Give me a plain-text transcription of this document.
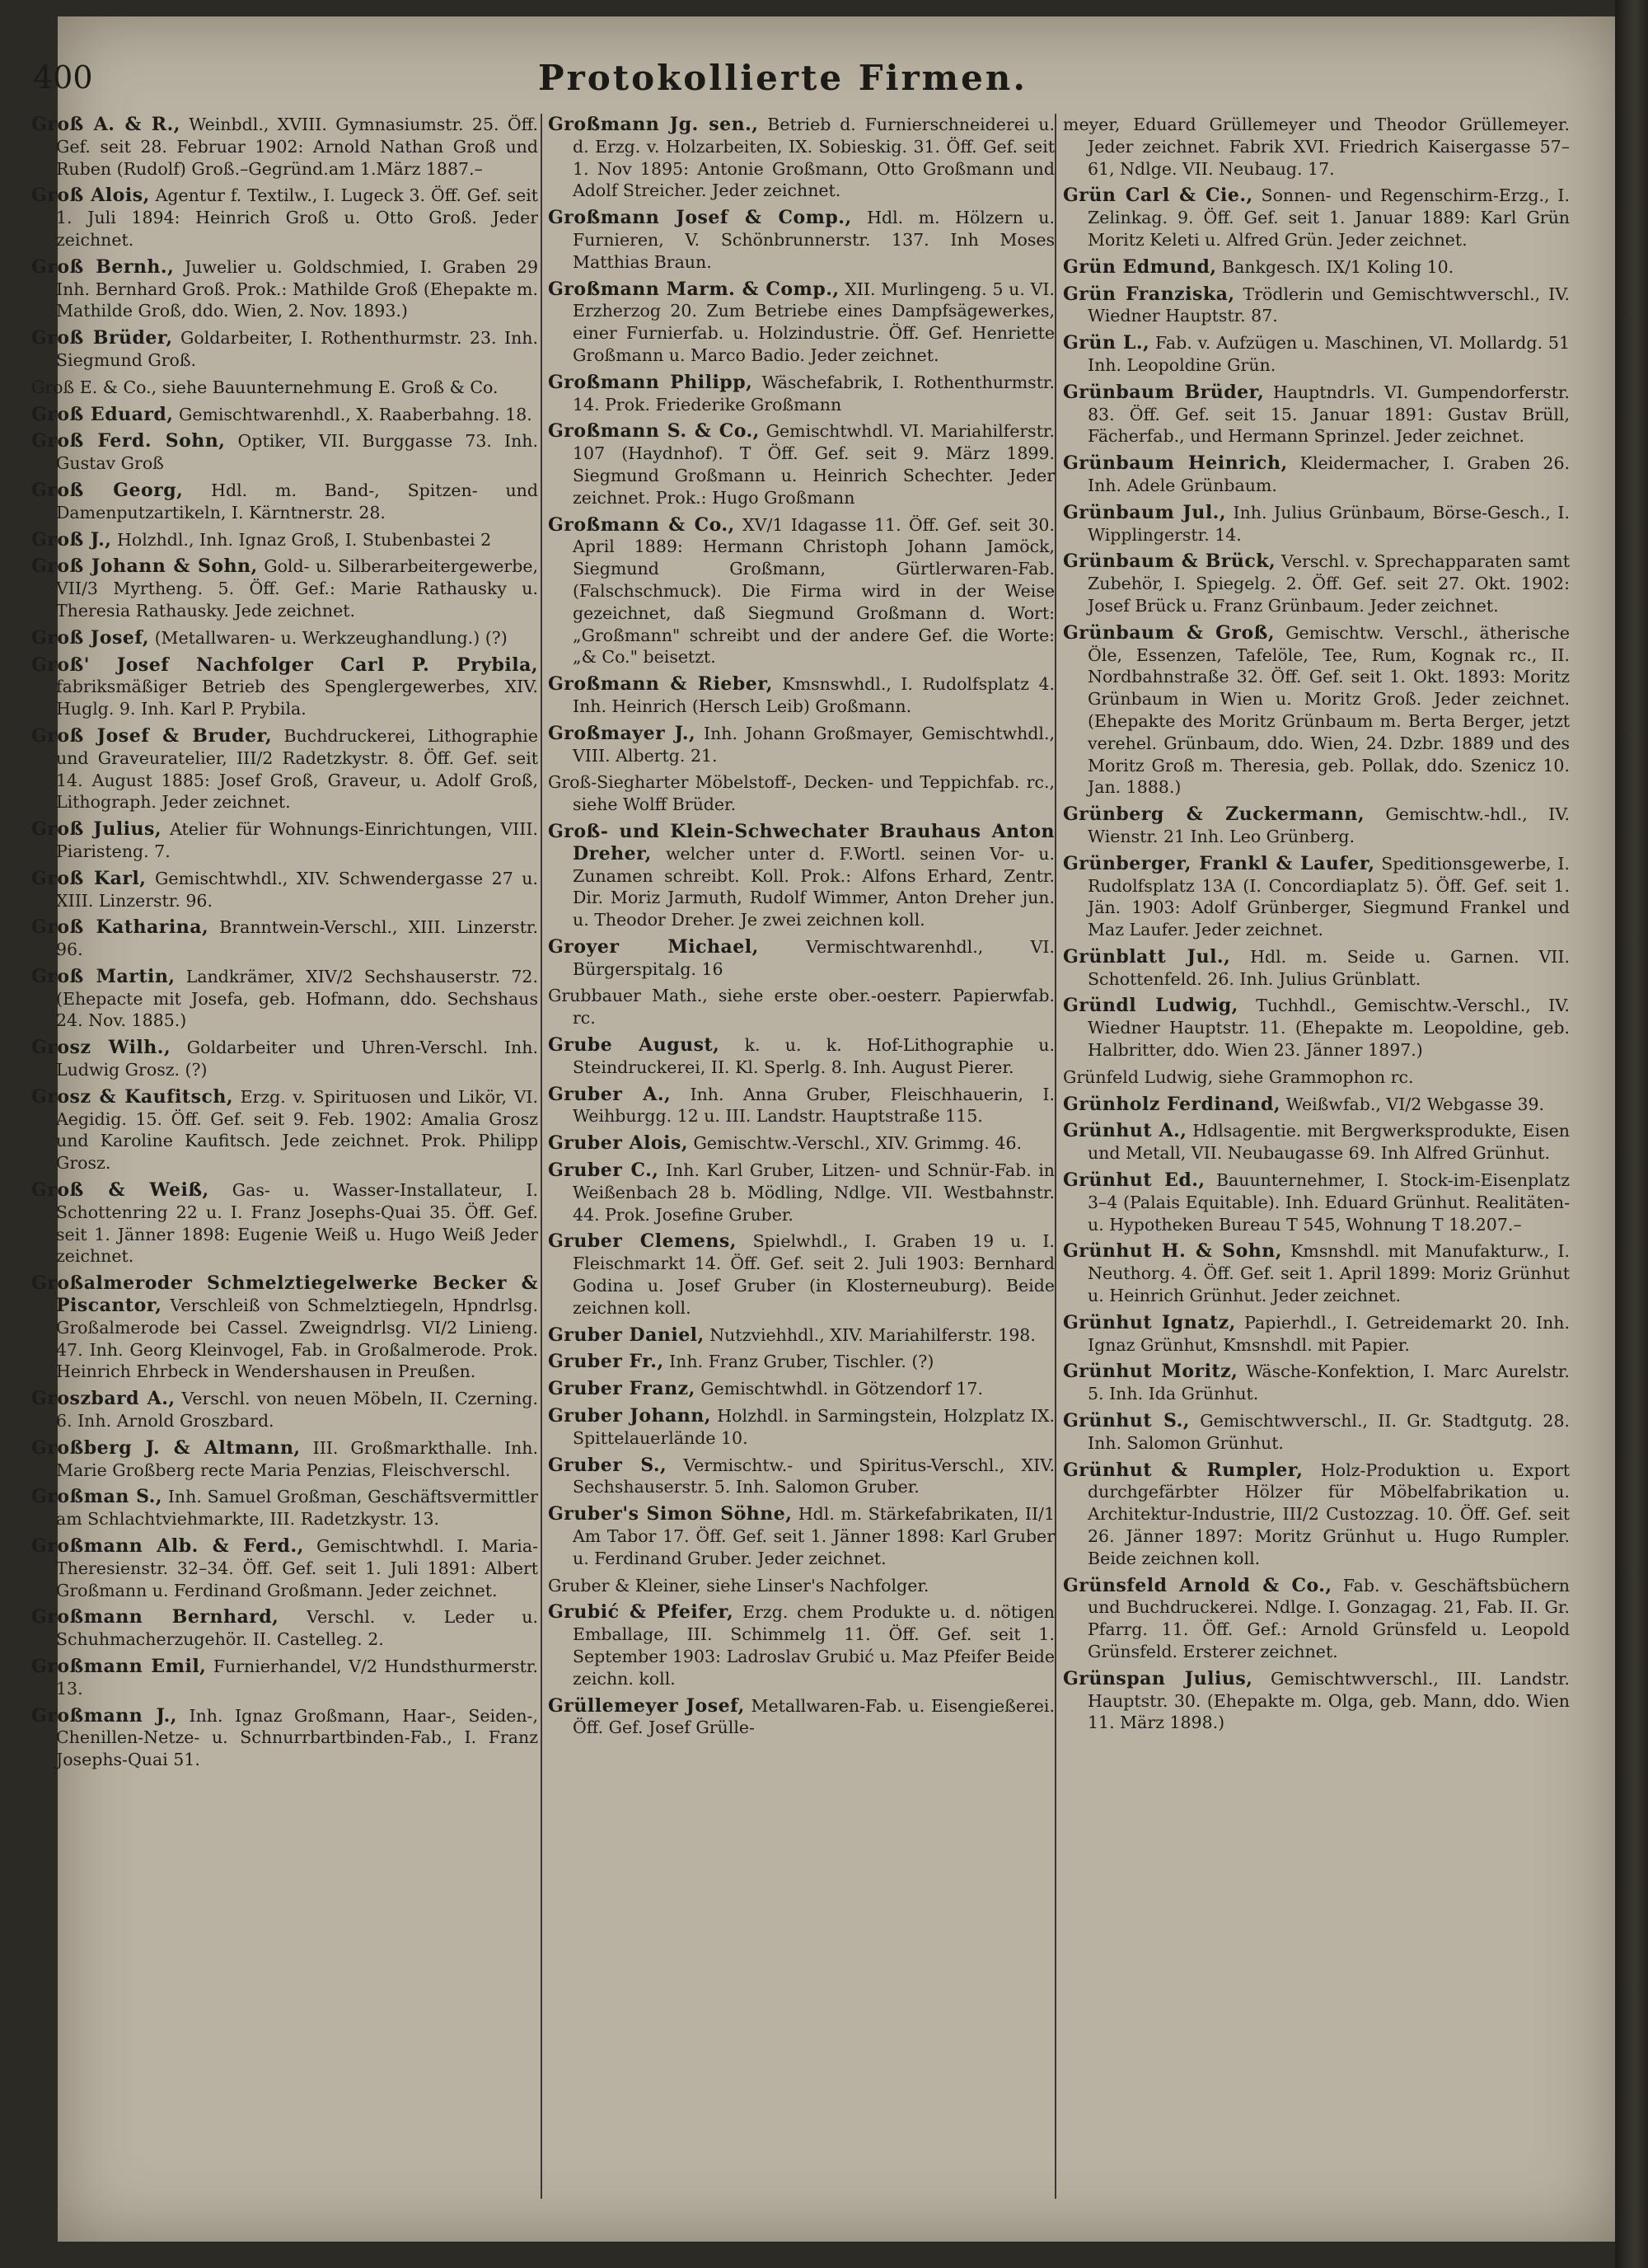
400	Protokollierte Firmen.

Groß A. & R., Weinbdl., XVIII. Gymnasiumstr. 25. Öff. Gef. seit 28. Februar 1902: Arnold Nathan Groß und Ruben (Rudolf) Groß.–Gegründ.am 1.März 1887.–

Groß Alois, Agentur f. Textilw., I. Lugeck 3. Öff. Gef. seit 1. Juli 1894: Heinrich Groß u. Otto Groß. Jeder zeichnet.

Groß Bernh., Juwelier u. Goldschmied, I. Graben 29 Inh. Bernhard Groß. Prok.: Mathilde Groß (Ehepakte m. Mathilde Groß, ddo. Wien, 2. Nov. 1893.)

Groß Brüder, Goldarbeiter, I. Rothenthurmstr. 23. Inh. Siegmund Groß.

Groß E. & Co., siehe Bauunternehmung E. Groß & Co.

Groß Eduard, Gemischtwarenhdl., X. Raaberbahng. 18.

Groß Ferd. Sohn, Optiker, VII. Burggasse 73. Inh. Gustav Groß

Groß Georg, Hdl. m. Band-, Spitzen- und Damenputzartikeln, I. Kärntnerstr. 28.

Groß J., Holzhdl., Inh. Ignaz Groß, I. Stubenbastei 2

Groß Johann & Sohn, Gold- u. Silberarbeitergewerbe, VII/3 Myrtheng. 5. Öff. Gef.: Marie Rathausky u. Theresia Rathausky. Jede zeichnet.

Groß Josef, (Metallwaren- u. Werkzeughandlung.) (?)

Groß' Josef Nachfolger Carl P. Prybila, fabriksmäßiger Betrieb des Spenglergewerbes, XIV. Huglg. 9. Inh. Karl P. Prybila.

Groß Josef & Bruder, Buchdruckerei, Lithographie und Graveuratelier, III/2 Radetzkystr. 8. Öff. Gef. seit 14. August 1885: Josef Groß, Graveur, u. Adolf Groß, Lithograph. Jeder zeichnet.

Groß Julius, Atelier für Wohnungs-Einrichtungen, VIII. Piaristeng. 7.

Groß Karl, Gemischtwhdl., XIV. Schwendergasse 27 u. XIII. Linzerstr. 96.

Groß Katharina, Branntwein-Verschl., XIII. Linzerstr. 96.

Groß Martin, Landkrämer, XIV/2 Sechshauserstr. 72. (Ehepacte mit Josefa, geb. Hofmann, ddo. Sechshaus 24. Nov. 1885.)

Grosz Wilh., Goldarbeiter und Uhren-Verschl. Inh. Ludwig Grosz. (?)

Grosz & Kaufitsch, Erzg. v. Spirituosen und Likör, VI. Aegidig. 15. Öff. Gef. seit 9. Feb. 1902: Amalia Grosz und Karoline Kaufitsch. Jede zeichnet. Prok. Philipp Grosz.

Groß & Weiß, Gas- u. Wasser-Installateur, I. Schottenring 22 u. I. Franz Josephs-Quai 35. Öff. Gef. seit 1. Jänner 1898: Eugenie Weiß u. Hugo Weiß Jeder zeichnet.

Großalmeroder Schmelztiegelwerke Becker & Piscantor, Verschleiß von Schmelztiegeln, Hpndrlsg. Großalmerode bei Cassel. Zweigndrlsg. VI/2 Linieng. 47. Inh. Georg Kleinvogel, Fab. in Großalmerode. Prok. Heinrich Ehrbeck in Wendershausen in Preußen.

Groszbard A., Verschl. von neuen Möbeln, II. Czerning. 6. Inh. Arnold Groszbard.

Großberg J. & Altmann, III. Großmarkthalle. Inh. Marie Großberg recte Maria Penzias, Fleischverschl.

Großman S., Inh. Samuel Großman, Geschäftsvermittler am Schlachtviehmarkte, III. Radetzkystr. 13.

Großmann Alb. & Ferd., Gemischtwhdl. I. Maria-Theresienstr. 32–34. Öff. Gef. seit 1. Juli 1891: Albert Großmann u. Ferdinand Großmann. Jeder zeichnet.

Großmann Bernhard, Verschl. v. Leder u. Schuhmacherzugehör. II. Castelleg. 2.

Großmann Emil, Furnierhandel, V/2 Hundsthurmerstr. 13.

Großmann J., Inh. Ignaz Großmann, Haar-, Seiden-, Chenillen-Netze- u. Schnurrbartbinden-Fab., I. Franz Josephs-Quai 51.

Großmann Jg. sen., Betrieb d. Furnierschneiderei u. d. Erzg. v. Holzarbeiten, IX. Sobieskig. 31. Öff. Gef. seit 1. Nov 1895: Antonie Großmann, Otto Großmann und Adolf Streicher. Jeder zeichnet.

Großmann Josef & Comp., Hdl. m. Hölzern u. Furnieren, V. Schönbrunnerstr. 137. Inh Moses Matthias Braun.

Großmann Marm. & Comp., XII. Murlingeng. 5 u. VI. Erzherzog 20. Zum Betriebe eines Dampfsägewerkes, einer Furnierfab. u. Holzindustrie. Öff. Gef. Henriette Großmann u. Marco Badio. Jeder zeichnet.

Großmann Philipp, Wäschefabrik, I. Rothenthurmstr. 14. Prok. Friederike Großmann

Großmann S. & Co., Gemischtwhdl. VI. Mariahilferstr. 107 (Haydnhof). T Öff. Gef. seit 9. März 1899. Siegmund Großmann u. Heinrich Schechter. Jeder zeichnet. Prok.: Hugo Großmann

Großmann & Co., XV/1 Idagasse 11. Öff. Gef. seit 30. April 1889: Hermann Christoph Johann Jamöck, Siegmund Großmann, Gürtlerwaren-Fab. (Falschschmuck). Die Firma wird in der Weise gezeichnet, daß Siegmund Großmann d. Wort: „Großmann" schreibt und der andere Gef. die Worte: „& Co." beisetzt.

Großmann & Rieber, Kmsnswhdl., I. Rudolfsplatz 4. Inh. Heinrich (Hersch Leib) Großmann.

Großmayer J., Inh. Johann Großmayer, Gemischtwhdl., VIII. Albertg. 21.

Groß-Siegharter Möbelstoff-, Decken- und Teppichfab. rc., siehe Wolff Brüder.

Groß- und Klein-Schwechater Brauhaus Anton Dreher, welcher unter d. F.Wortl. seinen Vor- u. Zunamen schreibt. Koll. Prok.: Alfons Erhard, Zentr. Dir. Moriz Jarmuth, Rudolf Wimmer, Anton Dreher jun. u. Theodor Dreher. Je zwei zeichnen koll.

Groyer Michael, Vermischtwarenhdl., VI. Bürgerspitalg. 16

Grubbauer Math., siehe erste ober.-oesterr. Papierwfab. rc.

Grube August, k. u. k. Hof-Lithographie u. Steindruckerei, II. Kl. Sperlg. 8. Inh. August Pierer.

Gruber A., Inh. Anna Gruber, Fleischhauerin, I. Weihburgg. 12 u. III. Landstr. Hauptstraße 115.

Gruber Alois, Gemischtw.-Verschl., XIV. Grimmg. 46.

Gruber C., Inh. Karl Gruber, Litzen- und Schnür-Fab. in Weißenbach 28 b. Mödling, Ndlge. VII. Westbahnstr. 44. Prok. Josefine Gruber.

Gruber Clemens, Spielwhdl., I. Graben 19 u. I. Fleischmarkt 14. Öff. Gef. seit 2. Juli 1903: Bernhard Godina u. Josef Gruber (in Klosterneuburg). Beide zeichnen koll.

Gruber Daniel, Nutzviehhdl., XIV. Mariahilferstr. 198.

Gruber Fr., Inh. Franz Gruber, Tischler. (?)

Gruber Franz, Gemischtwhdl. in Götzendorf 17.

Gruber Johann, Holzhdl. in Sarmingstein, Holzplatz IX. Spittelauerlände 10.

Gruber S., Vermischtw.- und Spiritus-Verschl., XIV. Sechshauserstr. 5. Inh. Salomon Gruber.

Gruber's Simon Söhne, Hdl. m. Stärkefabrikaten, II/1 Am Tabor 17. Öff. Gef. seit 1. Jänner 1898: Karl Gruber u. Ferdinand Gruber. Jeder zeichnet.

Gruber & Kleiner, siehe Linser's Nachfolger.

Grubić & Pfeifer, Erzg. chem Produkte u. d. nötigen Emballage, III. Schimmelg 11. Öff. Gef. seit 1. September 1903: Ladroslav Grubić u. Maz Pfeifer Beide zeichn. koll.

Grüllemeyer Josef, Metallwaren-Fab. u. Eisengießerei. Öff. Gef. Josef Grülle-

meyer, Eduard Grüllemeyer und Theodor Grüllemeyer. Jeder zeichnet. Fabrik XVI. Friedrich Kaisergasse 57–61, Ndlge. VII. Neubaug. 17.

Grün Carl & Cie., Sonnen- und Regenschirm-Erzg., I. Zelinkag. 9. Öff. Gef. seit 1. Januar 1889: Karl Grün Moritz Keleti u. Alfred Grün. Jeder zeichnet.

Grün Edmund, Bankgesch. IX/1 Koling 10.

Grün Franziska, Trödlerin und Gemischtwverschl., IV. Wiedner Hauptstr. 87.

Grün L., Fab. v. Aufzügen u. Maschinen, VI. Mollardg. 51 Inh. Leopoldine Grün.

Grünbaum Brüder, Hauptndrls. VI. Gumpendorferstr. 83. Öff. Gef. seit 15. Januar 1891: Gustav Brüll, Fächerfab., und Hermann Sprinzel. Jeder zeichnet.

Grünbaum Heinrich, Kleidermacher, I. Graben 26. Inh. Adele Grünbaum.

Grünbaum Jul., Inh. Julius Grünbaum, Börse-Gesch., I. Wipplingerstr. 14.

Grünbaum & Brück, Verschl. v. Sprechapparaten samt Zubehör, I. Spiegelg. 2. Öff. Gef. seit 27. Okt. 1902: Josef Brück u. Franz Grünbaum. Jeder zeichnet.

Grünbaum & Groß, Gemischtw. Verschl., ätherische Öle, Essenzen, Tafelöle, Tee, Rum, Kognak rc., II. Nordbahnstraße 32. Öff. Gef. seit 1. Okt. 1893: Moritz Grünbaum in Wien u. Moritz Groß. Jeder zeichnet. (Ehepakte des Moritz Grünbaum m. Berta Berger, jetzt verehel. Grünbaum, ddo. Wien, 24. Dzbr. 1889 und des Moritz Groß m. Theresia, geb. Pollak, ddo. Szenicz 10. Jan. 1888.)

Grünberg & Zuckermann, Gemischtw.-hdl., IV. Wienstr. 21 Inh. Leo Grünberg.

Grünberger, Frankl & Laufer, Speditionsgewerbe, I. Rudolfsplatz 13A (I. Concordiaplatz 5). Öff. Gef. seit 1. Jän. 1903: Adolf Grünberger, Siegmund Frankel und Maz Laufer. Jeder zeichnet.

Grünblatt Jul., Hdl. m. Seide u. Garnen. VII. Schottenfeld. 26. Inh. Julius Grünblatt.

Gründl Ludwig, Tuchhdl., Gemischtw.-Verschl., IV. Wiedner Hauptstr. 11. (Ehepakte m. Leopoldine, geb. Halbritter, ddo. Wien 23. Jänner 1897.)

Grünfeld Ludwig, siehe Grammophon rc.

Grünholz Ferdinand, Weißwfab., VI/2 Webgasse 39.

Grünhut A., Hdlsagentie. mit Bergwerksprodukte, Eisen und Metall, VII. Neubaugasse 69. Inh Alfred Grünhut.

Grünhut Ed., Bauunternehmer, I. Stock-im-Eisenplatz 3–4 (Palais Equitable). Inh. Eduard Grünhut. Realitäten- u. Hypotheken Bureau T 545, Wohnung T 18.207.–

Grünhut H. & Sohn, Kmsnshdl. mit Manufakturw., I. Neuthorg. 4. Öff. Gef. seit 1. April 1899: Moriz Grünhut u. Heinrich Grünhut. Jeder zeichnet.

Grünhut Ignatz, Papierhdl., I. Getreidemarkt 20. Inh. Ignaz Grünhut, Kmsnshdl. mit Papier.

Grünhut Moritz, Wäsche-Konfektion, I. Marc Aurelstr. 5. Inh. Ida Grünhut.

Grünhut S., Gemischtwverschl., II. Gr. Stadtgutg. 28. Inh. Salomon Grünhut.

Grünhut & Rumpler, Holz-Produktion u. Export durchgefärbter Hölzer für Möbelfabrikation u. Architektur-Industrie, III/2 Custozzag. 10. Öff. Gef. seit 26. Jänner 1897: Moritz Grünhut u. Hugo Rumpler. Beide zeichnen koll.

Grünsfeld Arnold & Co., Fab. v. Geschäftsbüchern und Buchdruckerei. Ndlge. I. Gonzagag. 21, Fab. II. Gr. Pfarrg. 11. Öff. Gef.: Arnold Grünsfeld u. Leopold Grünsfeld. Ersterer zeichnet.

Grünspan Julius, Gemischtwverschl., III. Landstr. Hauptstr. 30. (Ehepakte m. Olga, geb. Mann, ddo. Wien 11. März 1898.)
